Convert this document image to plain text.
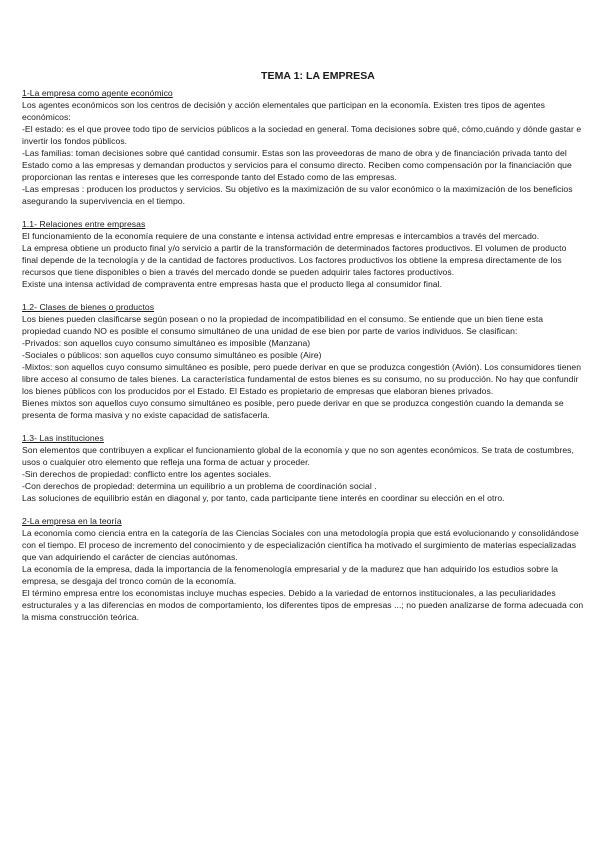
TEMA 1: LA EMPRESA
1-La empresa como agente económico
Los agentes económicos son los centros de decisión y acción elementales que participan en la economía. Existen tres tipos de agentes económicos:
-El estado: es el que provee todo tipo de servicios públicos a la sociedad en general. Toma decisiones sobre qué, cómo,cuándo y dónde gastar e invertir los fondos públicos.
-Las familias: toman decisiones sobre qué cantidad consumir. Estas son las proveedoras de mano de obra y de financiación privada tanto del Estado como a las empresas y demandan productos y servicios para el consumo directo. Reciben como compensación por la financiación que proporcionan las rentas e intereses que les corresponde tanto del Estado como de las empresas.
-Las empresas : producen los productos y servicios. Su objetivo es la maximización de su valor económico o la maximización de los beneficios asegurando la supervivencia en el tiempo.
1.1- Relaciones entre empresas
El funcionamiento de la economía requiere de una constante e intensa actividad entre empresas e intercambios a través del mercado.
La empresa obtiene un producto final y/o servicio a partir de la transformación de determinados factores productivos. El volumen de producto final depende de la tecnología y de la cantidad de factores productivos. Los factores productivos los obtiene la empresa directamente de los recursos que tiene disponibles o bien a través del mercado donde se pueden adquirir tales factores productivos.
Existe una intensa actividad de compraventa entre empresas hasta que el producto llega al consumidor final.
1.2- Clases de bienes o productos
Los bienes pueden clasificarse según posean o no la propiedad de incompatibilidad en el consumo. Se entiende que un bien tiene esta propiedad cuando NO es posible el consumo simultáneo de una unidad de ese bien por parte de varios individuos. Se clasifican:
-Privados: son aquellos cuyo consumo simultáneo es imposible (Manzana)
-Sociales o públicos: son aquellos cuyo consumo simultáneo es posible (Aire)
-Mixtos: son aquellos cuyo consumo simultáneo es posible, pero puede derivar en que se produzca congestión (Avión). Los consumidores tienen libre acceso al consumo de tales bienes. La característica fundamental de estos bienes es su consumo, no su producción. No hay que confundir los bienes públicos con los producidos por el Estado. El Estado es propietario de empresas que elaboran bienes privados.
Bienes mixtos son aquellos cuyo consumo simultáneo es posible, pero puede derivar en que se produzca congestión cuando la demanda se presenta de forma masiva y no existe capacidad de satisfacerla.
1.3- Las instituciones
Son elementos que contribuyen a explicar el funcionamiento global de la economía y que no son agentes económicos. Se trata de costumbres, usos o cualquier otro elemento que refleja una forma de actuar y proceder.
-Sin derechos de propiedad: conflicto entre los agentes sociales.
-Con derechos de propiedad: determina un equilibrio a un problema de coordinación social .
Las soluciones de equilibrio están en diagonal y, por tanto, cada participante tiene interés en coordinar su elección en el otro.
2-La empresa en la teoría
La economía como ciencia entra en la categoría de las Ciencias Sociales con una metodología propia que está evolucionando y consolidándose con el tiempo. El proceso de incremento del conocimiento y de especialización científica ha motivado el surgimiento de materias especializadas que van adquiriendo el carácter de ciencias autónomas.
La economía de la empresa, dada la importancia de la fenomenología empresarial y de la madurez que han adquirido los estudios sobre la empresa, se desgaja del tronco común de la economía.
El término empresa entre los economistas incluye muchas especies. Debido a la variedad de entornos institucionales, a las peculiaridades estructurales y a las diferencias en modos de comportamiento, los diferentes tipos de empresas ...; no pueden analizarse de forma adecuada con la misma construcción teórica.
